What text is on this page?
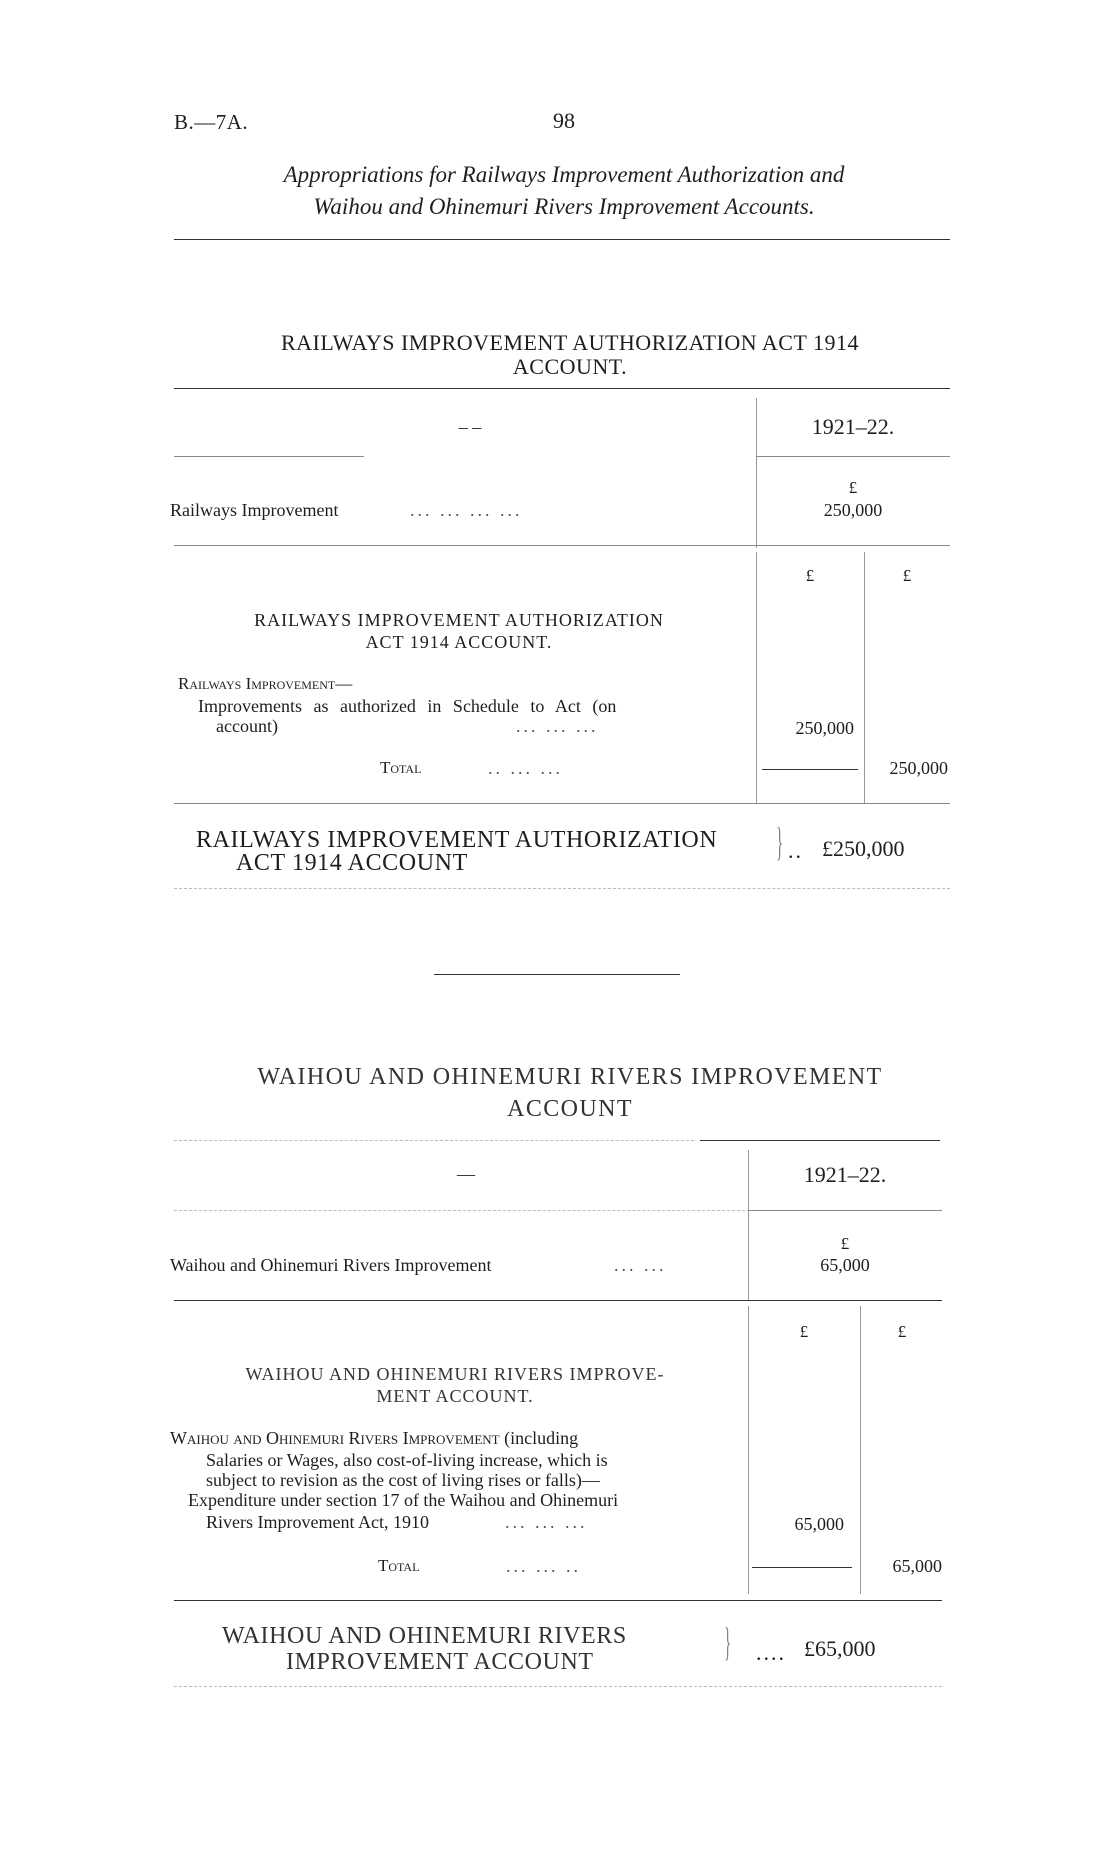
B.—7A.	98
Appropriations for Railways Improvement Authorization and
Waihou and Ohinemuri Rivers Improvement Accounts.
RAILWAYS IMPROVEMENT AUTHORIZATION ACT 1914
ACCOUNT.
– –	1921–22.
£
Railways Improvement	... ... ... ...	250,000
£	£
RAILWAYS IMPROVEMENT AUTHORIZATION
ACT 1914 ACCOUNT.
Railways Improvement—
Improvements as authorized in Schedule to Act (on
account)	... ... ...	250,000
Total	.. ... ...	250,000
RAILWAYS IMPROVEMENT AUTHORIZATION
ACT 1914 ACCOUNT	} .. £250,000
WAIHOU AND OHINEMURI RIVERS IMPROVEMENT
ACCOUNT
—	1921–22.
£
Waihou and Ohinemuri Rivers Improvement	... ...	65,000
£	£
WAIHOU AND OHINEMURI RIVERS IMPROVE-
MENT ACCOUNT.
Waihou and Ohinemuri Rivers Improvement (including
Salaries or Wages, also cost-of-living increase, which is
subject to revision as the cost of living rises or falls)—
Expenditure under section 17 of the Waihou and Ohinemuri
Rivers Improvement Act, 1910	... ... ...	65,000
Total	... ... ..	65,000
WAIHOU AND OHINEMURI RIVERS
IMPROVEMENT ACCOUNT	} .... £65,000
